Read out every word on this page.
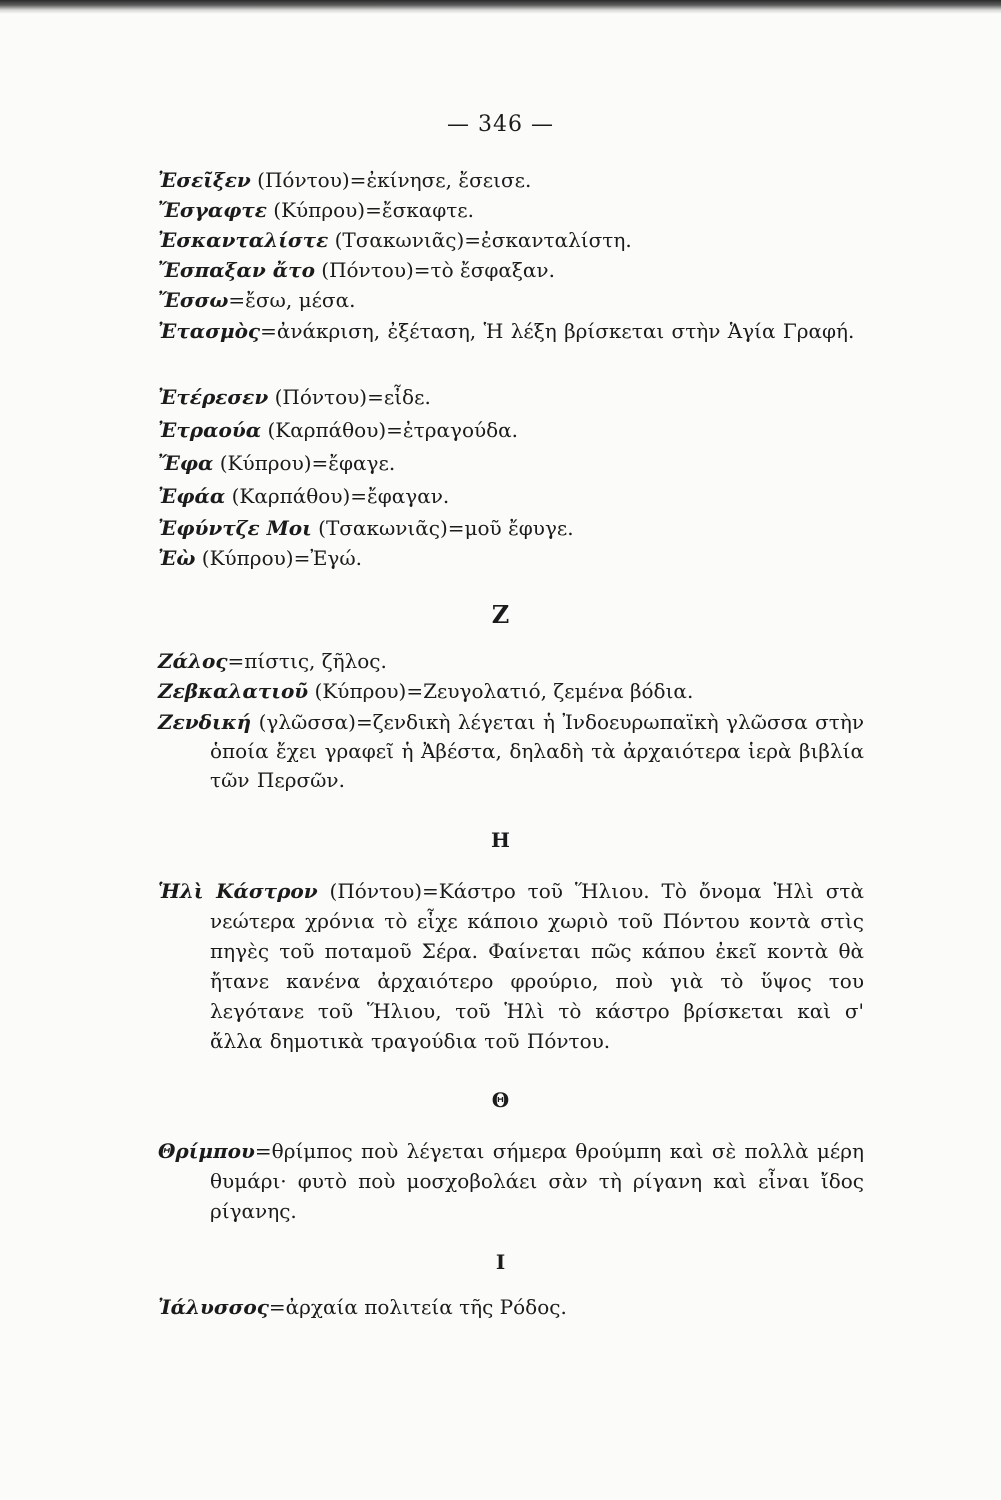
— 346 —
Ἐσεῖξεν (Πόντου)=ἐκίνησε, ἔσεισε.
Ἔσγαφτε (Κύπρου)=ἔσκαφτε.
Ἐσκανταλίστε (Τσακωνιᾶς)=ἐσκανταλίστη.
Ἔσπαξαν ἄτο (Πόντου)=τὸ ἔσφαξαν.
Ἔσσω=ἔσω, μέσα.
Ἐτασμὸς=ἀνάκριση, ἐξέταση, Ἡ λέξη βρίσκεται στὴν Ἁγία Γραφή.
Ἐτέρεσεν (Πόντου)=εἶδε.
Ἐτραούα (Καρπάθου)=ἐτραγούδα.
Ἔφα (Κύπρου)=ἔφαγε.
Ἐφάα (Καρπάθου)=ἔφαγαν.
Ἐφύντζε Μοι (Τσακωνιᾶς)=μοῦ ἔφυγε.
Ἐὼ (Κύπρου)=Ἐγώ.
Ζ
Ζάλος=πίστις, ζῆλος.
Ζεβκαλατιοῦ (Κύπρου)=Ζευγολατιό, ζεμένα βόδια.
Ζενδική (γλῶσσα)=ζενδικὴ λέγεται ἡ Ἰνδοευρωπαϊκὴ γλῶσσα στὴν ὁποία ἔχει γραφεῖ ἡ Ἀβέστα, δηλαδὴ τὰ ἀρχαιότερα ἱερὰ βιβλία τῶν Περσῶν.
Η
Ἡλὶ Κάστρον (Πόντου)=Κάστρο τοῦ Ἥλιου. Τὸ ὄνομα Ἡλὶ στὰ νεώτερα χρόνια τὸ εἶχε κάποιο χωριὸ τοῦ Πόντου κοντὰ στὶς πηγὲς τοῦ ποταμοῦ Σέρα. Φαίνεται πῶς κάπου ἐκεῖ κοντὰ θὰ ἤτανε κανένα ἀρχαιότερο φρούριο, ποὺ γιὰ τὸ ὕψος του λεγότανε τοῦ Ἥλιου, τοῦ Ἡλὶ τὸ κάστρο βρίσκεται καὶ σ' ἄλλα δημοτικὰ τραγούδια τοῦ Πόντου.
Θ
Θρίμπου=θρίμπος ποὺ λέγεται σήμερα θρούμπη καὶ σὲ πολλὰ μέρη θυμάρι· φυτὸ ποὺ μοσχοβολάει σὰν τὴ ρίγανη καὶ εἶναι ἴδος ρίγανης.
Ι
Ἰάλυσσος=ἀρχαία πολιτεία τῆς Ρόδος.
